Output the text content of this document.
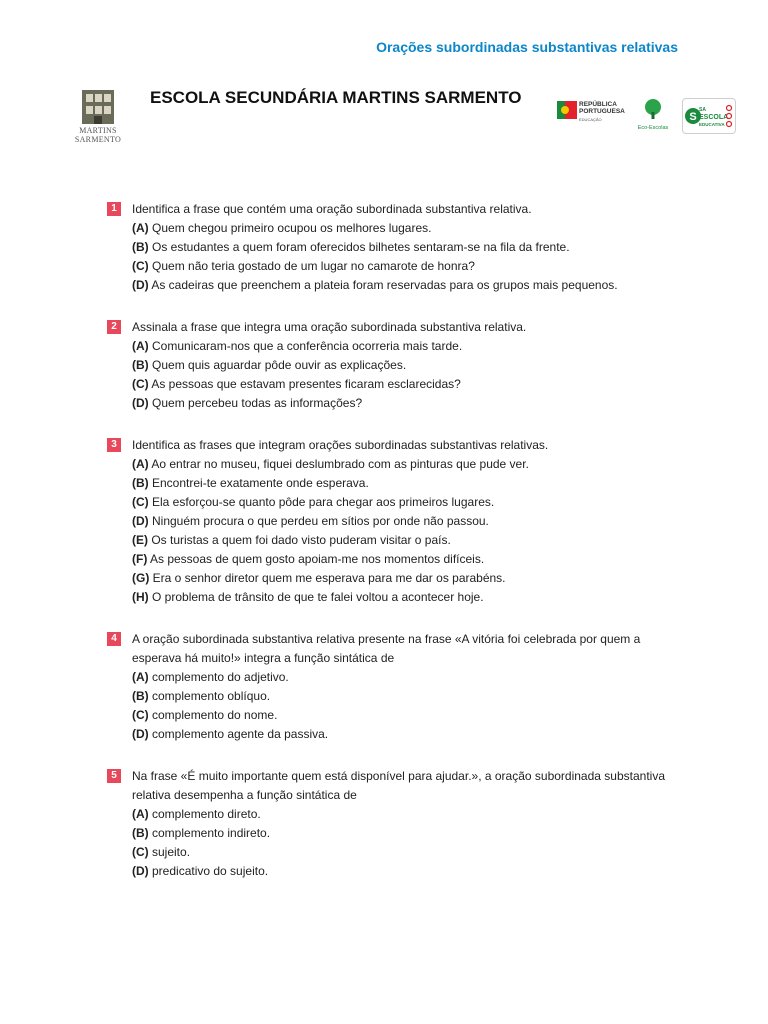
Orações subordinadas substantivas relativas
MARTINS
SARMENTO
ESCOLA SECUNDÁRIA MARTINS SARMENTO	REPÚBLICA
PORTUGUESA
EDUCAÇÃO
Eco-Escolas
S
SA
ESCOLA
EDUCATIVA
1	Identifica a frase que contém uma oração subordinada substantiva relativa.
(A) Quem chegou primeiro ocupou os melhores lugares.
(B) Os estudantes a quem foram oferecidos bilhetes sentaram-se na fila da frente.
(C) Quem não teria gostado de um lugar no camarote de honra?
(D) As cadeiras que preenchem a plateia foram reservadas para os grupos mais pequenos.
2	Assinala a frase que integra uma oração subordinada substantiva relativa.
(A) Comunicaram-nos que a conferência ocorreria mais tarde.
(B) Quem quis aguardar pôde ouvir as explicações.
(C) As pessoas que estavam presentes ficaram esclarecidas?
(D) Quem percebeu todas as informações?
3	Identifica as frases que integram orações subordinadas substantivas relativas.
(A) Ao entrar no museu, fiquei deslumbrado com as pinturas que pude ver.
(B) Encontrei-te exatamente onde esperava.
(C) Ela esforçou-se quanto pôde para chegar aos primeiros lugares.
(D) Ninguém procura o que perdeu em sítios por onde não passou.
(E) Os turistas a quem foi dado visto puderam visitar o país.
(F) As pessoas de quem gosto apoiam-me nos momentos difíceis.
(G) Era o senhor diretor quem me esperava para me dar os parabéns.
(H) O problema de trânsito de que te falei voltou a acontecer hoje.
4	A oração subordinada substantiva relativa presente na frase «A vitória foi celebrada por quem a esperava há muito!» integra a função sintática de
(A) complemento do adjetivo.
(B) complemento oblíquo.
(C) complemento do nome.
(D) complemento agente da passiva.
5	Na frase «É muito importante quem está disponível para ajudar.», a oração subordinada substantiva relativa desempenha a função sintática de
(A) complemento direto.
(B) complemento indireto.
(C) sujeito.
(D) predicativo do sujeito.
